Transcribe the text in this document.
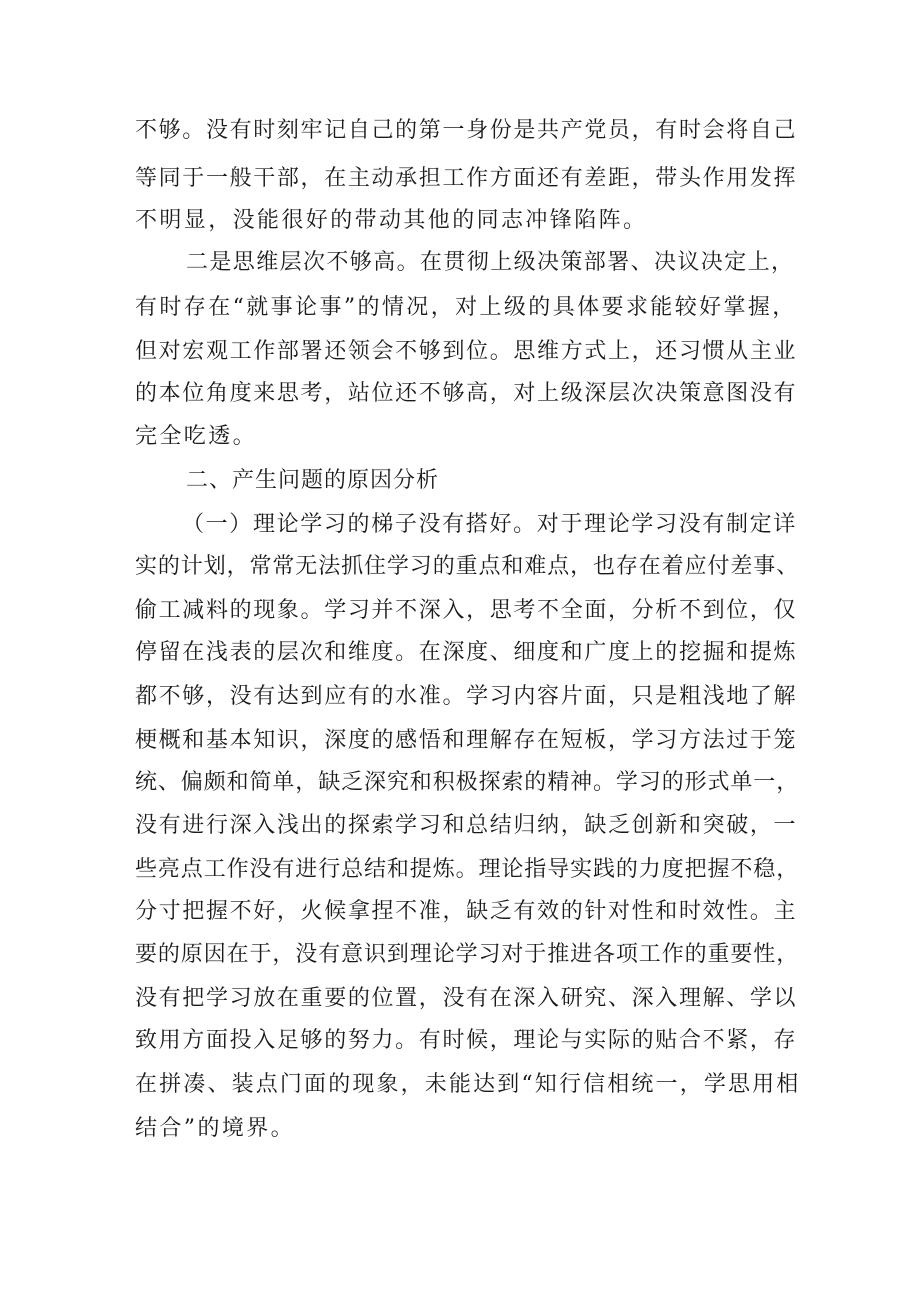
不够。没有时刻牢记自己的第一身份是共产党员，有时会将自己
等同于一般干部，在主动承担工作方面还有差距，带头作用发挥
不明显，没能很好的带动其他的同志冲锋陷阵。
二是思维层次不够高。在贯彻上级决策部署、决议决定上，
有时存在“就事论事”的情况，对上级的具体要求能较好掌握，
但对宏观工作部署还领会不够到位。思维方式上，还习惯从主业
的本位角度来思考，站位还不够高，对上级深层次决策意图没有
完全吃透。
二、产生问题的原因分析
（一）理论学习的梯子没有搭好。对于理论学习没有制定详
实的计划，常常无法抓住学习的重点和难点，也存在着应付差事、
偷工减料的现象。学习并不深入，思考不全面，分析不到位，仅
停留在浅表的层次和维度。在深度、细度和广度上的挖掘和提炼
都不够，没有达到应有的水准。学习内容片面，只是粗浅地了解
梗概和基本知识，深度的感悟和理解存在短板，学习方法过于笼
统、偏颇和简单，缺乏深究和积极探索的精神。学习的形式单一，
没有进行深入浅出的探索学习和总结归纳，缺乏创新和突破，一
些亮点工作没有进行总结和提炼。理论指导实践的力度把握不稳，
分寸把握不好，火候拿捏不准，缺乏有效的针对性和时效性。主
要的原因在于，没有意识到理论学习对于推进各项工作的重要性，
没有把学习放在重要的位置，没有在深入研究、深入理解、学以
致用方面投入足够的努力。有时候，理论与实际的贴合不紧，存
在拼凑、装点门面的现象，未能达到“知行信相统一，学思用相
结合”的境界。
